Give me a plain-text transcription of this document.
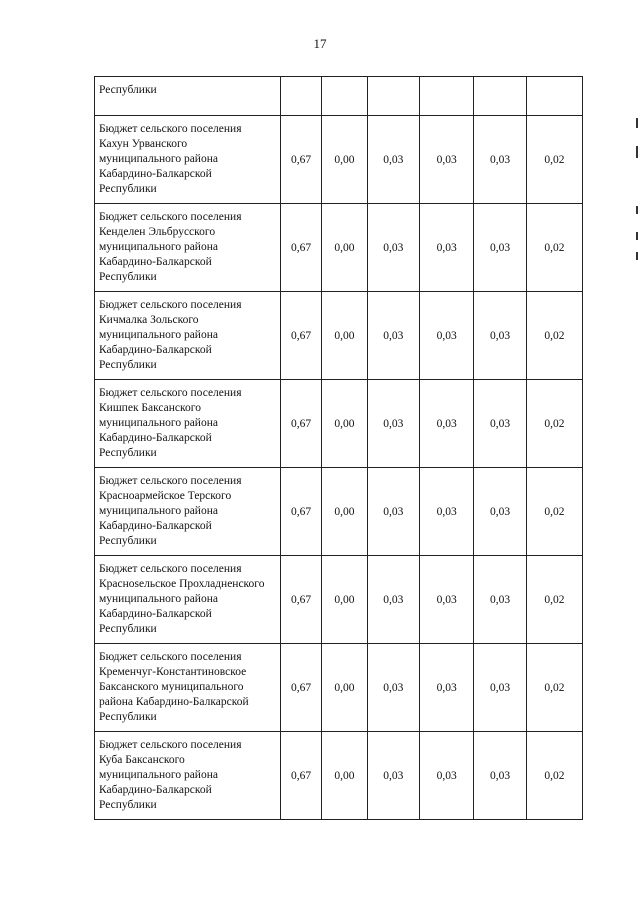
17
Республики						

Бюджет сельского поселения
Кахун Урванского
муниципального района
Кабардино-Балкарской
Республики	0,67	0,00	0,03	0,03	0,03	0,02

Бюджет сельского поселения
Кенделен Эльбрусского
муниципального района
Кабардино-Балкарской
Республики	0,67	0,00	0,03	0,03	0,03	0,02

Бюджет сельского поселения
Кичмалка Зольского
муниципального района
Кабардино-Балкарской
Республики	0,67	0,00	0,03	0,03	0,03	0,02

Бюджет сельского поселения
Кишпек Баксанского
муниципального района
Кабардино-Балкарской
Республики	0,67	0,00	0,03	0,03	0,03	0,02

Бюджет сельского поселения
Красноармейское Терского
муниципального района
Кабардино-Балкарской
Республики	0,67	0,00	0,03	0,03	0,03	0,02

Бюджет сельского поселения
Краснosельское Прохладненского
муниципального района
Кабардино-Балкарской
Республики	0,67	0,00	0,03	0,03	0,03	0,02

Бюджет сельского поселения
Кременчуг-Константиновское
Баксанского муниципального
района Кабардино-Балкарской
Республики	0,67	0,00	0,03	0,03	0,03	0,02

Бюджет сельского поселения
Куба Баксанского
муниципального района
Кабардино-Балкарской
Республики	0,67	0,00	0,03	0,03	0,03	0,02
